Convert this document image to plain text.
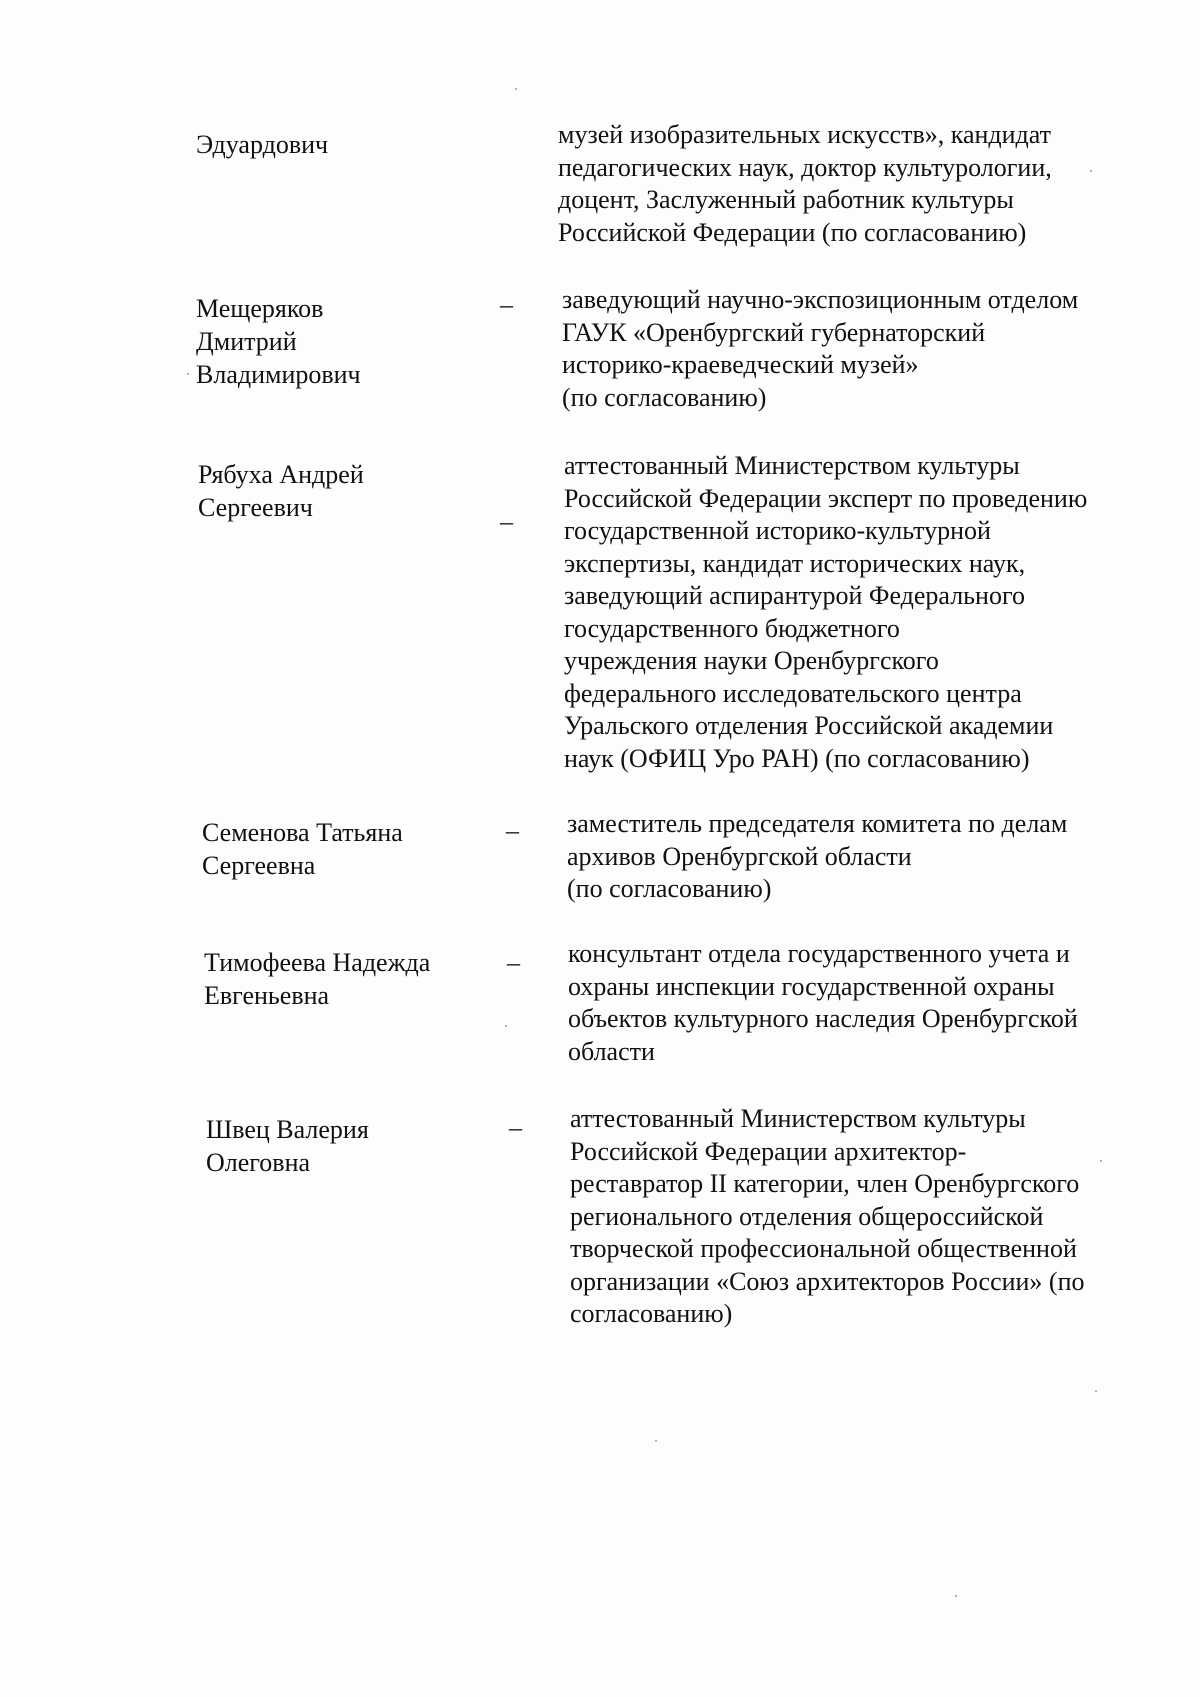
Эдуардович	музей изобразительных искусств», кандидат
педагогических наук, доктор культурологии,
доцент, Заслуженный работник культуры
Российской Федерации (по согласованию)
Мещеряков
Дмитрий
Владимирович
– заведующий научно-экспозиционным отделом
ГАУК «Оренбургский губернаторский
историко-краеведческий музей»
(по согласованию)
Рябуха Андрей
Сергеевич	–
аттестованный Министерством культуры
Российской Федерации эксперт по проведению
государственной историко-культурной
экспертизы, кандидат исторических наук,
заведующий аспирантурой Федерального
государственного бюджетного
учреждения науки Оренбургского
федерального исследовательского центра
Уральского отделения Российской академии
наук (ОФИЦ Уро РАН) (по согласованию)
Семенова Татьяна
Сергеевна
– заместитель председателя комитета по делам
архивов Оренбургской области
(по согласованию)
Тимофеева Надежда
Евгеньевна
– консультант отдела государственного учета и
охраны инспекции государственной охраны
объектов культурного наследия Оренбургской
области
Швец Валерия
Олеговна
– аттестованный Министерством культуры
Российской Федерации архитектор-
реставратор II категории, член Оренбургского
регионального отделения общероссийской
творческой профессиональной общественной
организации «Союз архитекторов России» (по
согласованию)
